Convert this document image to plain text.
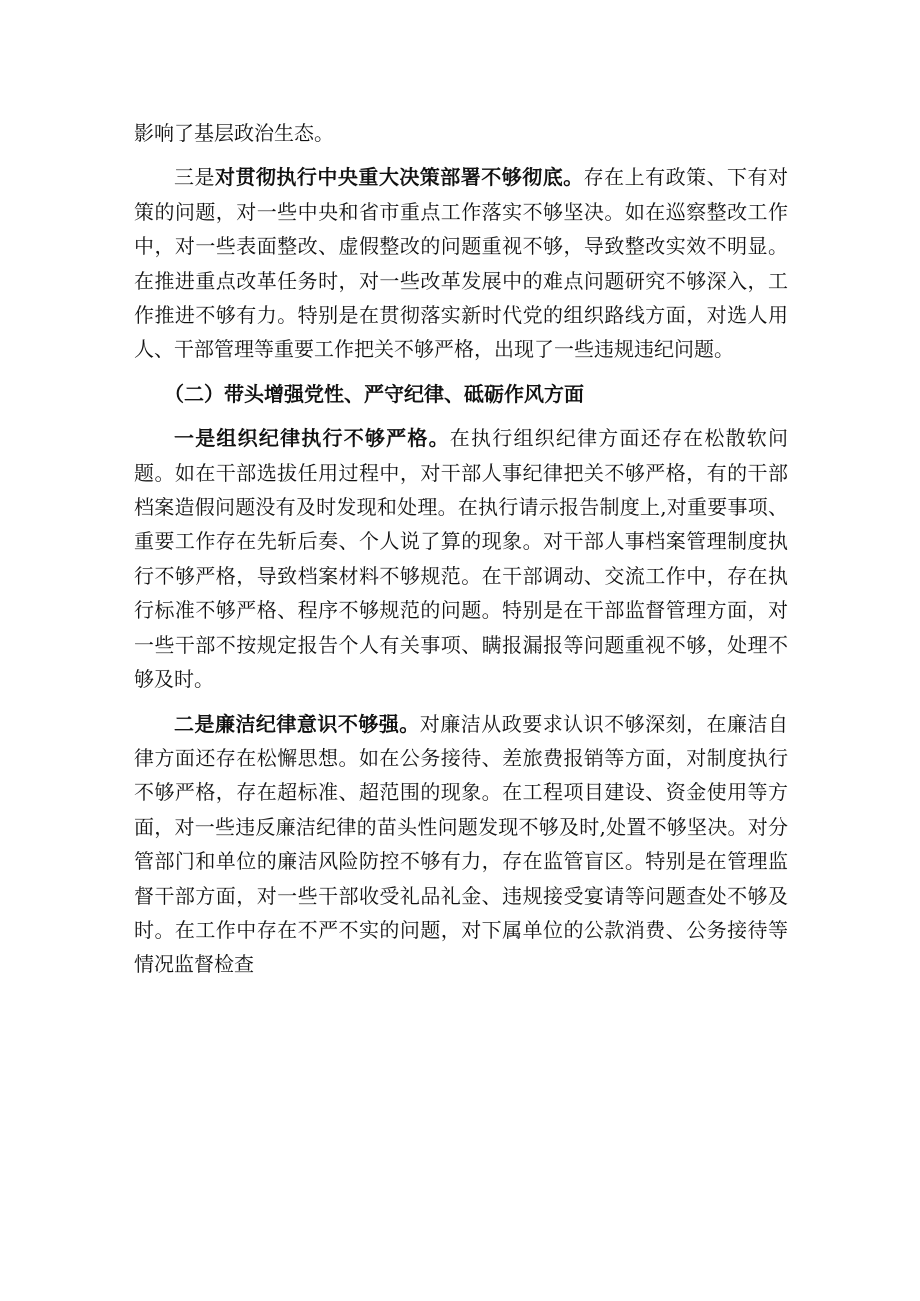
影响了基层政治生态。

三是对贯彻执行中央重大决策部署不够彻底。存在上有政策、下有对策的问题，对一些中央和省市重点工作落实不够坚决。如在巡察整改工作中，对一些表面整改、虚假整改的问题重视不够，导致整改实效不明显。在推进重点改革任务时，对一些改革发展中的难点问题研究不够深入，工作推进不够有力。特别是在贯彻落实新时代党的组织路线方面，对选人用人、干部管理等重要工作把关不够严格，出现了一些违规违纪问题。

（二）带头增强党性、严守纪律、砥砺作风方面

一是组织纪律执行不够严格。在执行组织纪律方面还存在松散软问题。如在干部选拔任用过程中，对干部人事纪律把关不够严格，有的干部档案造假问题没有及时发现和处理。在执行请示报告制度上,对重要事项、重要工作存在先斩后奏、个人说了算的现象。对干部人事档案管理制度执行不够严格，导致档案材料不够规范。在干部调动、交流工作中，存在执行标准不够严格、程序不够规范的问题。特别是在干部监督管理方面，对一些干部不按规定报告个人有关事项、瞒报漏报等问题重视不够，处理不够及时。

二是廉洁纪律意识不够强。对廉洁从政要求认识不够深刻，在廉洁自律方面还存在松懈思想。如在公务接待、差旅费报销等方面，对制度执行不够严格，存在超标准、超范围的现象。在工程项目建设、资金使用等方面，对一些违反廉洁纪律的苗头性问题发现不够及时,处置不够坚决。对分管部门和单位的廉洁风险防控不够有力，存在监管盲区。特别是在管理监督干部方面，对一些干部收受礼品礼金、违规接受宴请等问题查处不够及时。在工作中存在不严不实的问题，对下属单位的公款消费、公务接待等情况监督检查
